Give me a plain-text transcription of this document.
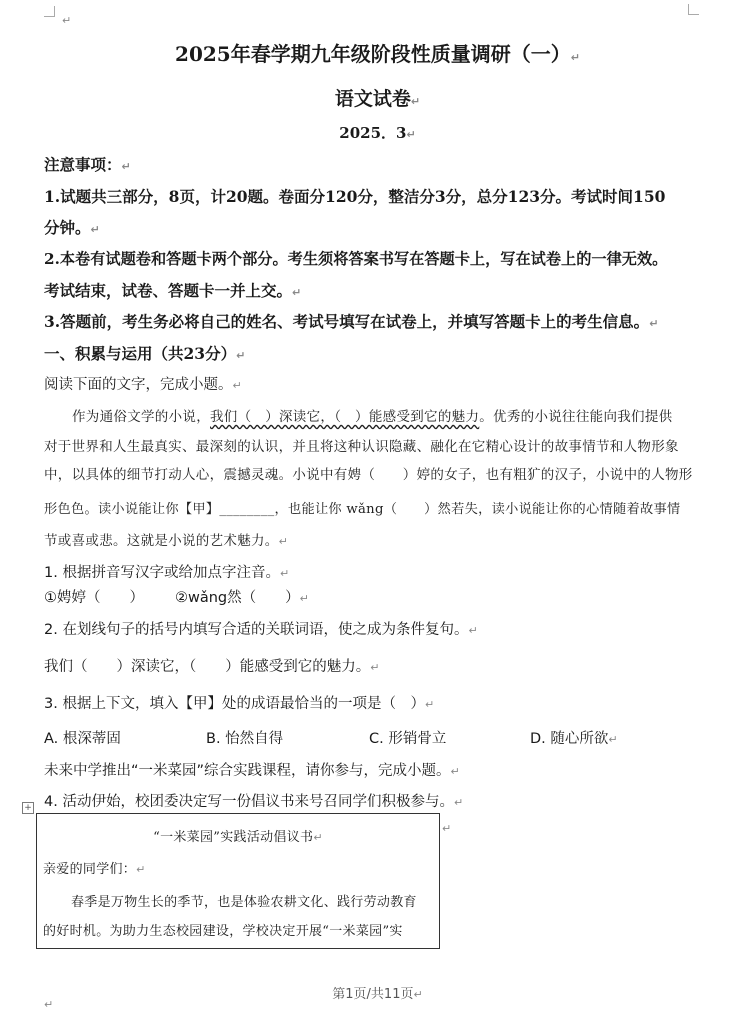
↵
2025年春学期九年级阶段性质量调研（一）↵
语文试卷↵
2025．3↵
注意事项：↵
1.试题共三部分，8页，计20题。卷面分120分，整洁分3分，总分123分。考试时间150
分钟。↵
2.本卷有试题卷和答题卡两个部分。考生须将答案书写在答题卡上，写在试卷上的一律无效。
考试结束，试卷、答题卡一并上交。↵
3.答题前，考生务必将自己的姓名、考试号填写在试卷上，并填写答题卡上的考生信息。↵
一、积累与运用（共23分）↵
阅读下面的文字，完成小题。↵
作为通俗文学的小说，我们（　）深读它，（　）能感受到它的魅力。优秀的小说往往能向我们提供
对于世界和人生最真实、最深刻的认识，并且将这种认识隐藏、融化在它精心设计的故事情节和人物形象
中，以具体的细节打动人心，震撼灵魂。小说中有娉（　　）婷的女子，也有粗犷的汉子，小说中的人物形
形色色。读小说能让你【甲】________，也能让你 wǎng（　　）然若失，读小说能让你的心情随着故事情
节或喜或悲。这就是小说的艺术魅力。↵
1. 根据拼音写汉字或给加点字注音。↵
①娉婷（　　） ②wǎng然（　　）↵
2. 在划线句子的括号内填写合适的关联词语，使之成为条件复句。↵
我们（　　）深读它，（　　）能感受到它的魅力。↵
3. 根据上下文，填入【甲】处的成语最恰当的一项是（　）↵
A. 根深蒂固	B. 怡然自得	C. 形销骨立	D. 随心所欲↵
未来中学推出“一米菜园”综合实践课程，请你参与，完成小题。↵
4. 活动伊始，校团委决定写一份倡议书来号召同学们积极参与。↵
+
“一米菜园”实践活动倡议书↵
亲爱的同学们：↵
春季是万物生长的季节，也是体验农耕文化、践行劳动教育
的好时机。为助力生态校园建设，学校决定开展“一米菜园”实
↵
第1页/共11页↵
↵
